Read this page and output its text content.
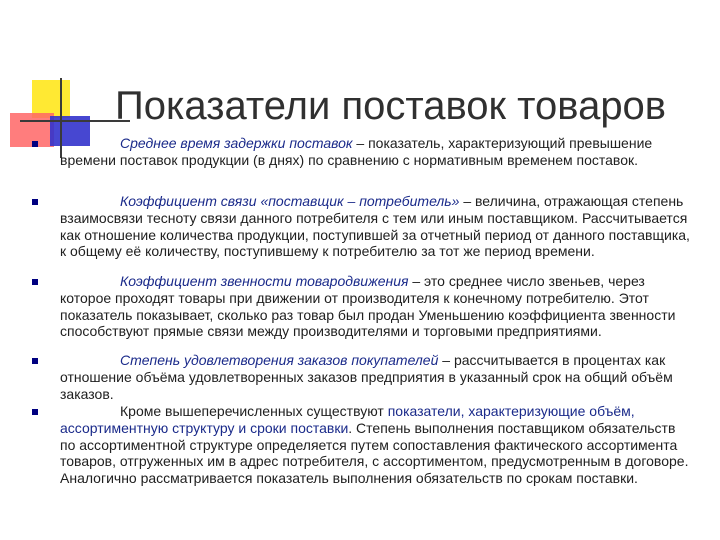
Показатели поставок товаров
Среднее время задержки поставок – показатель, характеризующий превышение времени поставок продукции (в днях) по сравнению с нормативным временем поставок.
Коэффициент связи «поставщик – потребитель» – величина, отражающая степень взаимосвязи тесноту связи данного потребителя с тем или иным поставщиком. Рассчитывается как отношение количества продукции, поступившей за отчетный период от данного поставщика, к общему её количеству, поступившему к потребителю за тот же период времени.
Коэффициент звенности товародвижения – это среднее число звеньев, через которое проходят товары при движении от производителя к конечному потребителю. Этот показатель показывает, сколько раз товар был продан Уменьшению коэффициента звенности способствуют прямые связи между производителями и торговыми предприятиями.
Степень удовлетворения заказов покупателей – рассчитывается в процентах как отношение объёма удовлетворенных заказов предприятия в указанный срок на общий объём заказов.
Кроме вышеперечисленных существуют показатели, характеризующие объём, ассортиментную структуру и сроки поставки. Степень выполнения поставщиком обязательств по ассортиментной структуре определяется путем сопоставления фактического ассортимента товаров, отгруженных им в адрес потребителя, с ассортиментом, предусмотренным в договоре. Аналогично рассматривается показатель выполнения обязательств по срокам поставки.
